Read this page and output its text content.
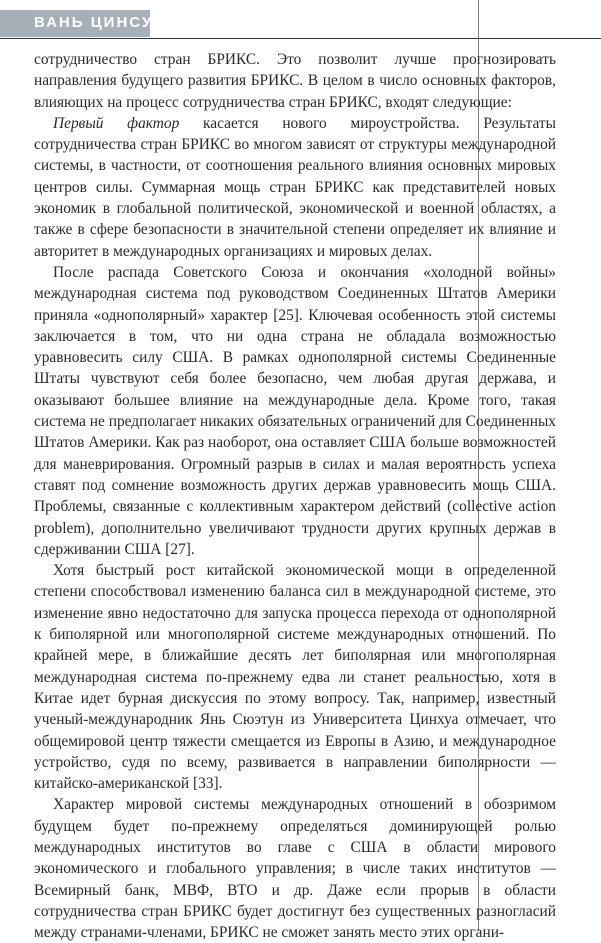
ВАНЬ ЦИНСУН

сотрудничество стран БРИКС. Это позволит лучше прогнозировать направления будущего развития БРИКС. В целом в число основных факторов, влияющих на процесс сотрудничества стран БРИКС, входят следующие:

Первый фактор касается нового мироустройства. Результаты сотрудничества стран БРИКС во многом зависят от структуры международной системы, в частности, от соотношения реального влияния основных мировых центров силы. Суммарная мощь стран БРИКС как представителей новых экономик в глобальной политической, экономической и военной областях, а также в сфере безопасности в значительной степени определяет их влияние и авторитет в международных организациях и мировых делах.

После распада Советского Союза и окончания «холодной войны» международная система под руководством Соединенных Штатов Америки приняла «однополярный» характер [25]. Ключевая особенность этой системы заключается в том, что ни одна страна не обладала возможностью уравновесить силу США. В рамках однополярной системы Соединенные Штаты чувствуют себя более безопасно, чем любая другая держава, и оказывают большее влияние на международные дела. Кроме того, такая система не предполагает никаких обязательных ограничений для Соединенных Штатов Америки. Как раз наоборот, она оставляет США больше возможностей для маневрирования. Огромный разрыв в силах и малая вероятность успеха ставят под сомнение возможность других держав уравновесить мощь США. Проблемы, связанные с коллективным характером действий (collective action problem), дополнительно увеличивают трудности других крупных держав в сдерживании США [27].

Хотя быстрый рост китайской экономической мощи в определенной степени способствовал изменению баланса сил в международной системе, это изменение явно недостаточно для запуска процесса перехода от однополярной к биполярной или многополярной системе международных отношений. По крайней мере, в ближайшие десять лет биполярная или многополярная международная система по-прежнему едва ли станет реальностью, хотя в Китае идет бурная дискуссия по этому вопросу. Так, например, известный ученый-международник Янь Сюэтун из Университета Цинхуа отмечает, что общемировой центр тяжести смещается из Европы в Азию, и международное устройство, судя по всему, развивается в направлении биполярности — китайско-американской [33].

Характер мировой системы международных отношений в обозримом будущем будет по-прежнему определяться доминирующей ролью международных институтов во главе с США в области мирового экономического и глобального управления; в числе таких институтов — Всемирный банк, МВФ, ВТО и др. Даже если прорыв в области сотрудничества стран БРИКС будет достигнут без существенных разногласий между странами-членами, БРИКС не сможет занять место этих органи-
